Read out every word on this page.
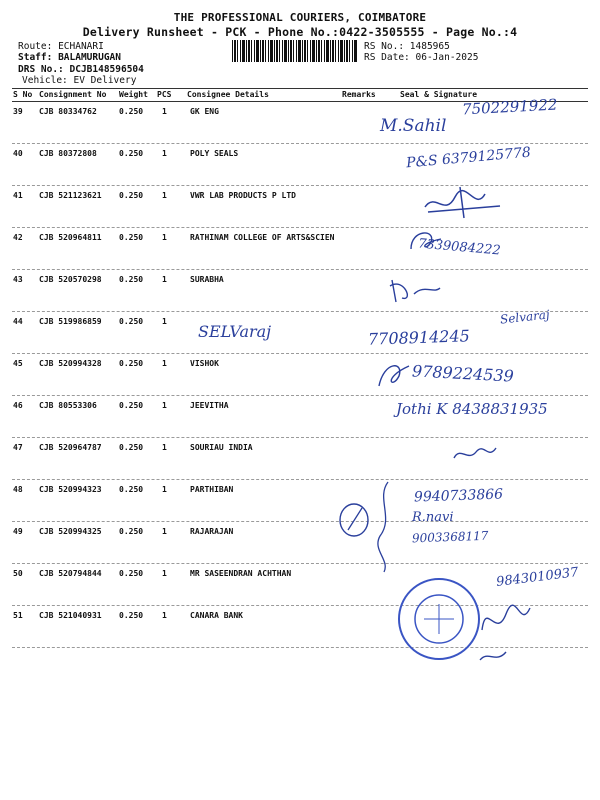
THE PROFESSIONAL COURIERS, COIMBATORE
Delivery Runsheet - PCK - Phone No.:0422-3505555 - Page No.:4
Route: ECHANARI
Staff: BALAMURUGAN
DRS No.: DCJB148596504
Vehicle: EV Delivery
RS No.: 1485965
RS Date: 06-Jan-2025
S No Consignment No Weight PCS Consignee Details	Remarks	Seal & Signature
39 CJB 80334762	0.250 1	GK ENG
40 CJB 80372808	0.250 1	POLY SEALS
41 CJB 521123621 0.250 1	VWR LAB PRODUCTS P LTD
42 CJB 520964811 0.250 1	RATHINAM COLLEGE OF ARTS&SCIEN
43 CJB 520570298 0.250 1	SURABHA
44 CJB 519986859 0.250 1
45 CJB 520994328 0.250 1	VISHOK
46 CJB 80553306	0.250 1	JEEVITHA
47 CJB 520964787 0.250 1	SOURIAU INDIA
48 CJB 520994323 0.250 1	PARTHIBAN
49 CJB 520994325 0.250 1	RAJARAJAN
50 CJB 520794844 0.250 1	MR SASEENDRAN ACHTHAN
51 CJB 521040931 0.250 1	CANARA BANK
7502291922
M.Sahil
P&S 6379125778
7339084222
SELVaraj	7708914245
Selvaraj
9789224539
Jothi K 8438831935
9940733866
R.navi
9003368117
9843010937
